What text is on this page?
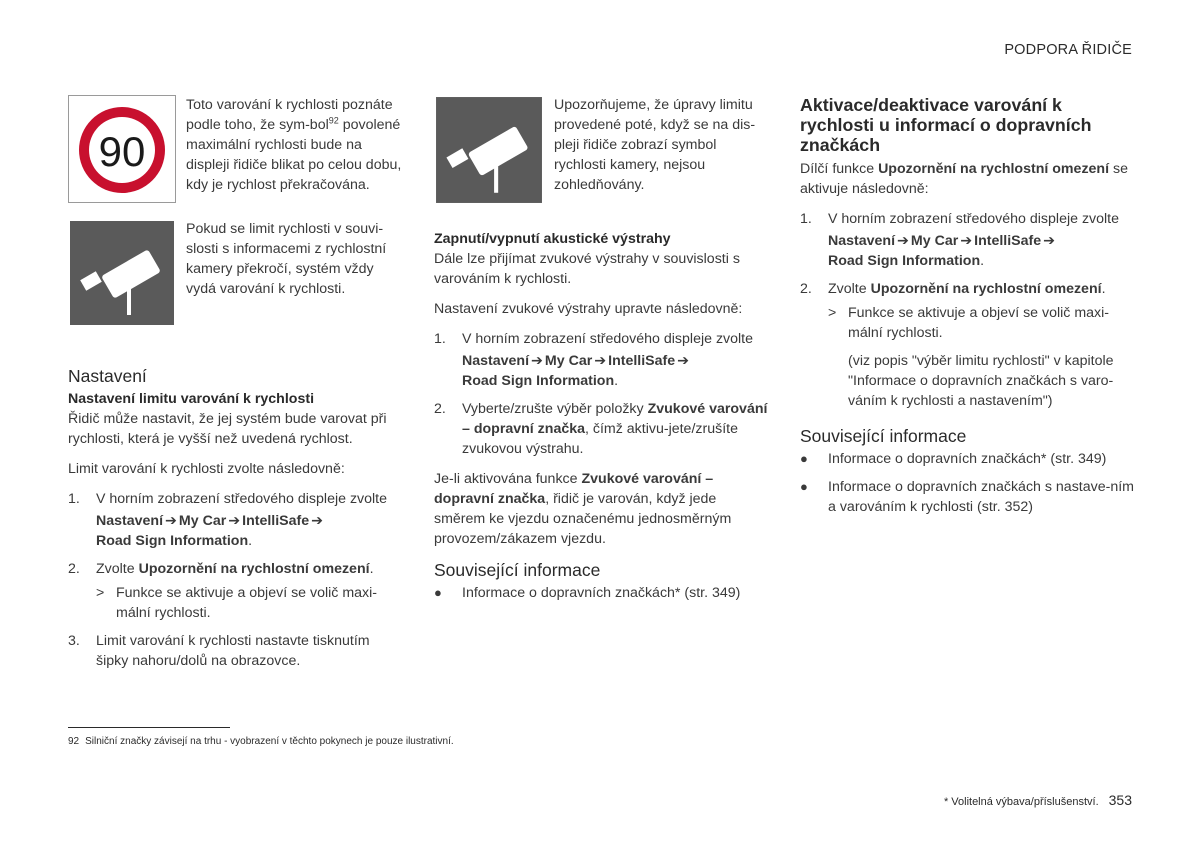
PODPORA ŘIDIČE
90
Toto varování k rychlosti poznáte podle toho, že sym-bol$^{92}$ povolené maximální rychlosti bude na displeji řidiče blikat po celou dobu, kdy je rychlost překračována.
Pokud se limit rychlosti v souvi-slosti s informacemi z rychlostní kamery překročí, systém vždy vydá varování k rychlosti.
Nastavení

Nastavení limitu varování k rychlosti

Řidič může nastavit, že jej systém bude varovat při rychlosti, která je vyšší než uvedená rychlost.

Limit varování k rychlosti zvolte následovně:

1. V horním zobrazení středového displeje zvolte
Nastavení ➔ My Car ➔ IntelliSafe ➔
Road Sign Information.
2. Zvolte Upozornění na rychlostní omezení.
> Funkce se aktivuje a objeví se volič maxi-mální rychlosti.
3. Limit varování k rychlosti nastavte tisknutím šipky nahoru/dolů na obrazovce.
Upozorňujeme, že úpravy limitu provedené poté, když se na dis-pleji řidiče zobrazí symbol rychlosti kamery, nejsou zohledňovány.

Zapnutí/vypnutí akustické výstrahy

Dále lze přijímat zvukové výstrahy v souvislosti s varováním k rychlosti.

Nastavení zvukové výstrahy upravte následovně:

1. V horním zobrazení středového displeje zvolte
Nastavení ➔ My Car ➔ IntelliSafe ➔
Road Sign Information.
2. Vyberte/zrušte výběr položky Zvukové varování – dopravní značka, čímž aktivu-jete/zrušíte zvukovou výstrahu.

Je-li aktivována funkce Zvukové varování – dopravní značka, řidič je varován, když jede směrem ke vjezdu označenému jednosměrným provozem/zákazem vjezdu.

Související informace
● Informace o dopravních značkách* (str. 349)
Aktivace/deaktivace varování k rychlosti u informací o dopravních značkách

Dílčí funkce Upozornění na rychlostní omezení se aktivuje následovně:

1. V horním zobrazení středového displeje zvolte
Nastavení ➔ My Car ➔ IntelliSafe ➔
Road Sign Information.
2. Zvolte Upozornění na rychlostní omezení.
> Funkce se aktivuje a objeví se volič maxi-mální rychlosti.
(viz popis "výběr limitu rychlosti" v kapitole "Informace o dopravních značkách s varo-váním k rychlosti a nastavením")
Související informace
● Informace o dopravních značkách* (str. 349)
● Informace o dopravních značkách s nastave-ním a varováním k rychlosti (str. 352)
92 Silniční značky závisejí na trhu - vyobrazení v těchto pokynech je pouze ilustrativní.
* Volitelná výbava/příslušenství. 353
